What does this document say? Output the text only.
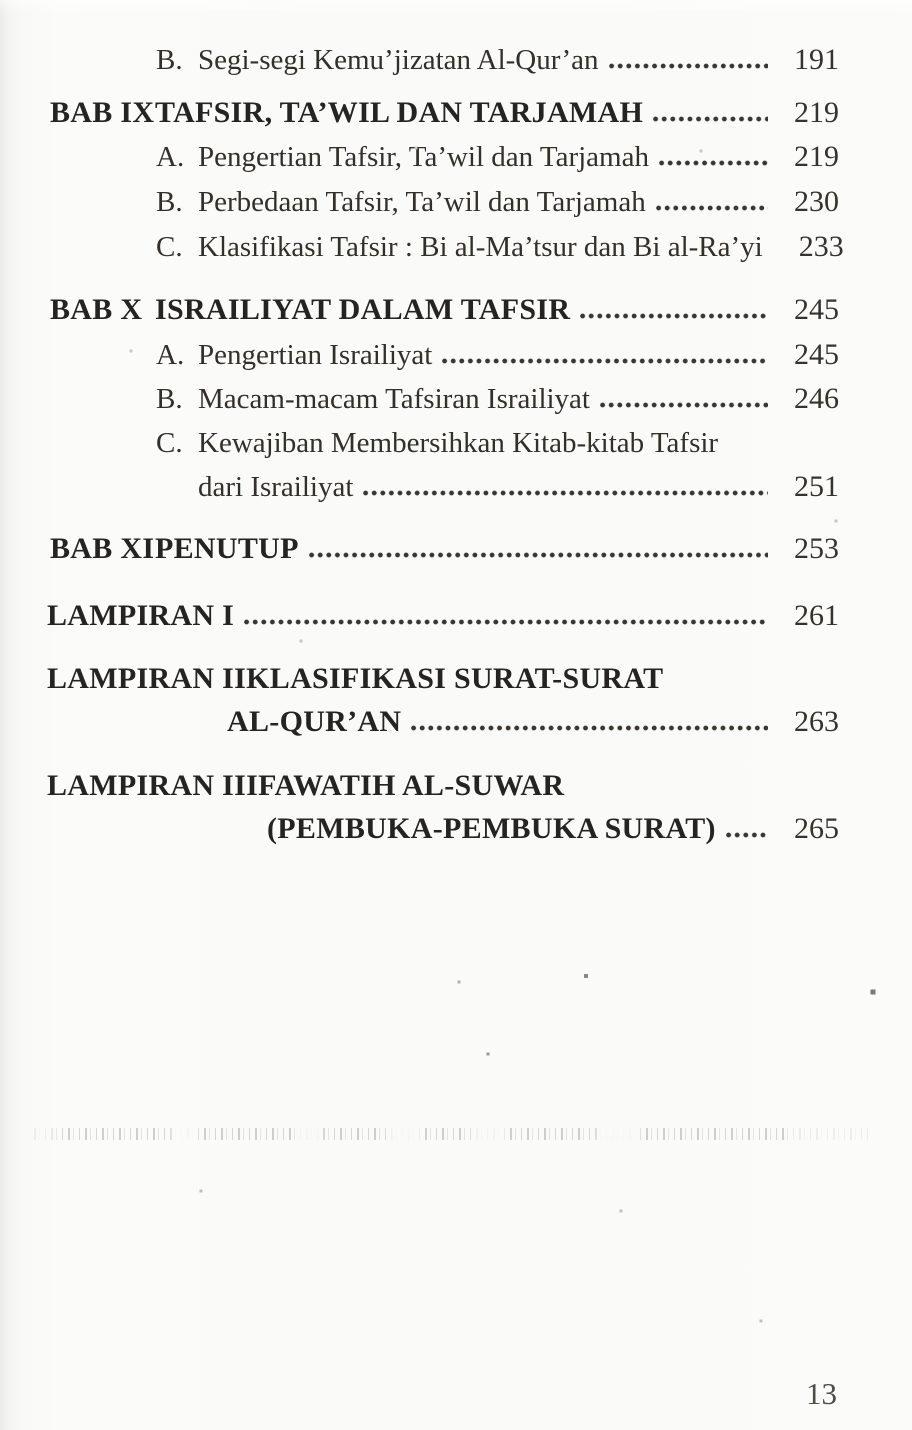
B. Segi-segi Kemu’jizatan Al-Qur’an	191
BAB IX TAFSIR, TA’WIL DAN TARJAMAH	219
A. Pengertian Tafsir, Ta’wil dan Tarjamah	219
B. Perbedaan Tafsir, Ta’wil dan Tarjamah	230
C. Klasifikasi Tafsir : Bi al-Ma’tsur dan Bi al-Ra’yi 233
BAB X ISRAILIYAT DALAM TAFSIR	245
A. Pengertian Israiliyat	245
B. Macam-macam Tafsiran Israiliyat	246
C. Kewajiban Membersihkan Kitab-kitab Tafsir
dari Israiliyat	251
BAB XI PENUTUP	253
LAMPIRAN I	261
LAMPIRAN II KLASIFIKASI SURAT-SURAT
AL-QUR’AN	263
LAMPIRAN III FAWATIH AL-SUWAR
(PEMBUKA-PEMBUKA SURAT)	265
13
